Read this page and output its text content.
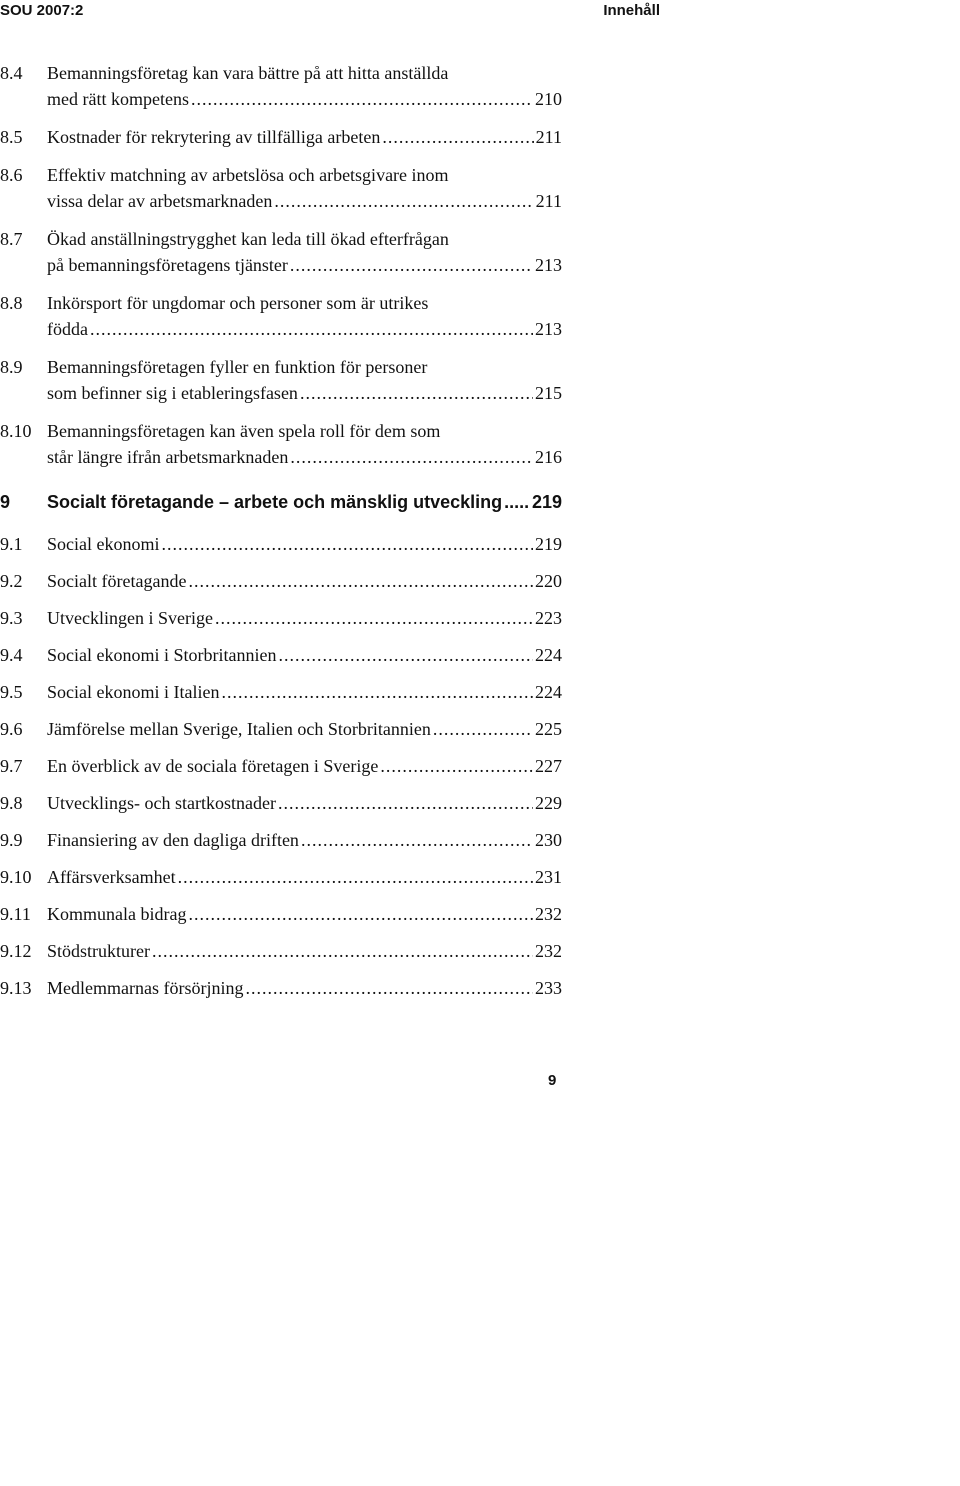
SOU 2007:2	Innehåll
8.4	Bemanningsföretag kan vara bättre på att hitta anställda
med rätt kompetens .....	210
8.5	Kostnader för rekrytering av tillfälliga arbeten .....	211
8.6	Effektiv matchning av arbetslösa och arbetsgivare inom
vissa delar av arbetsmarknaden .....	211
8.7	Ökad anställningstrygghet kan leda till ökad efterfrågan
på bemanningsföretagens tjänster .....	213
8.8	Inkörsport för ungdomar och personer som är utrikes
födda .....	213
8.9	Bemanningsföretagen fyller en funktion för personer
som befinner sig i etableringsfasen .....	215
8.10 Bemanningsföretagen kan även spela roll för dem som
står längre ifrån arbetsmarknaden .....	216
9	Socialt företagande – arbete och mänsklig utveckling ..... 219
9.1	Social ekonomi .....	219
9.2	Socialt företagande .....	220
9.3	Utvecklingen i Sverige .....	223
9.4	Social ekonomi i Storbritannien .....	224
9.5	Social ekonomi i Italien .....	224
9.6	Jämförelse mellan Sverige, Italien och Storbritannien .....	225
9.7	En överblick av de sociala företagen i Sverige .....	227
9.8	Utvecklings- och startkostnader .....	229
9.9	Finansiering av den dagliga driften .....	230
9.10 Affärsverksamhet .....	231
9.11 Kommunala bidrag .....	232
9.12 Stödstrukturer .....	232
9.13 Medlemmarnas försörjning .....	233
9
